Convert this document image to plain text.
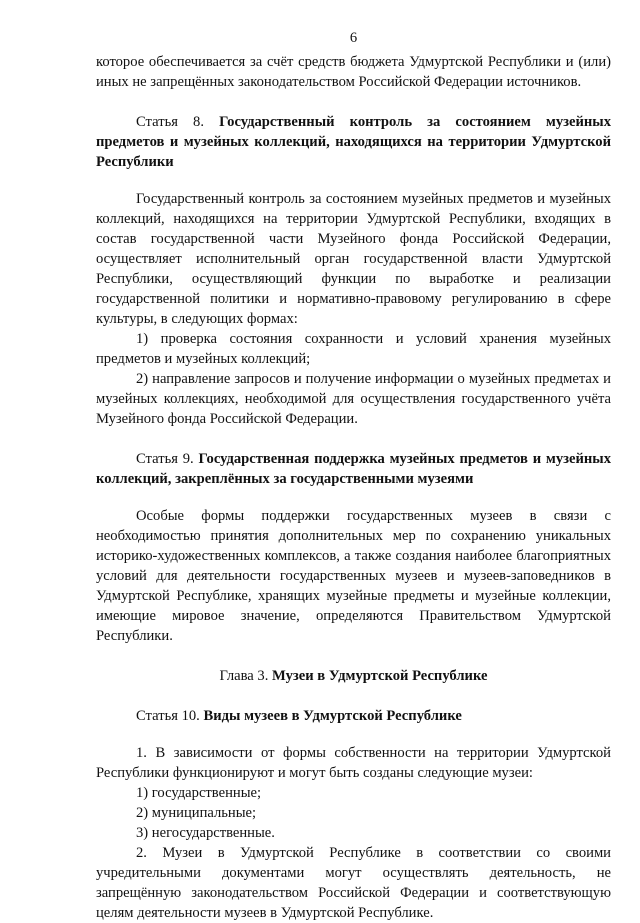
6

которое обеспечивается за счёт средств бюджета Удмуртской Республики и (или) иных не запрещённых законодательством Российской Федерации источников.

Статья 8. Государственный контроль за состоянием музейных предметов и музейных коллекций, находящихся на территории Удмуртской Республики

Государственный контроль за состоянием музейных предметов и музейных коллекций, находящихся на территории Удмуртской Республики, входящих в состав государственной части Музейного фонда Российской Федерации, осуществляет исполнительный орган государственной власти Удмуртской Республики, осуществляющий функции по выработке и реализации государственной политики и нормативно-правовому регулированию в сфере культуры, в следующих формах:

1) проверка состояния сохранности и условий хранения музейных предметов и музейных коллекций;

2) направление запросов и получение информации о музейных предметах и музейных коллекциях, необходимой для осуществления государственного учёта Музейного фонда Российской Федерации.

Статья 9. Государственная поддержка музейных предметов и музейных коллекций, закреплённых за государственными музеями

Особые формы поддержки государственных музеев в связи с необходимостью принятия дополнительных мер по сохранению уникальных историко-художественных комплексов, а также создания наиболее благоприятных условий для деятельности государственных музеев и музеев-заповедников в Удмуртской Республике, хранящих музейные предметы и музейные коллекции, имеющие мировое значение, определяются Правительством Удмуртской Республики.

Глава 3. Музеи в Удмуртской Республике

Статья 10. Виды музеев в Удмуртской Республике

1. В зависимости от формы собственности на территории Удмуртской Республики функционируют и могут быть созданы следующие музеи:

1) государственные;

2) муниципальные;

3) негосударственные.

2. Музеи в Удмуртской Республике в соответствии со своими учредительными документами могут осуществлять деятельность, не запрещённую законодательством Российской Федерации и соответствующую целям деятельности музеев в Удмуртской Республике.
